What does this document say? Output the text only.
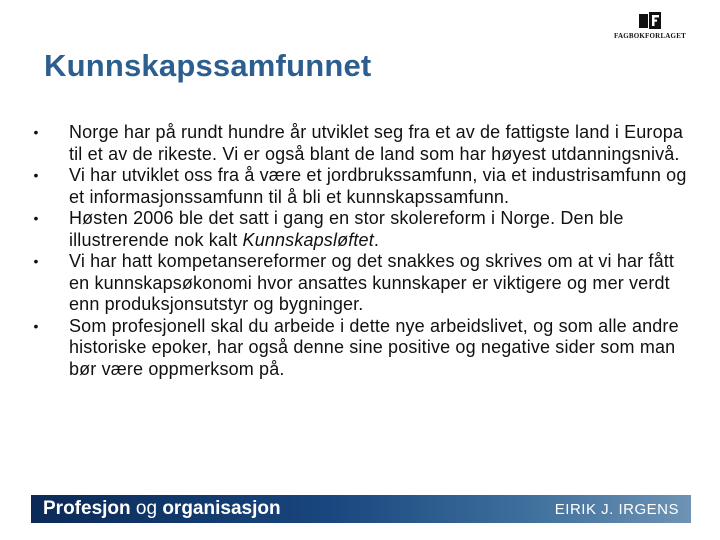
FAGBOKFORLAGET
Kunnskapssamfunnet
•	Norge har på rundt hundre år utviklet seg fra et av de fattigste land i Europa til et av de rikeste. Vi er også blant de land som har høyest utdanningsnivå.
•	Vi har utviklet oss fra å være et jordbrukssamfunn, via et industrisamfunn og et informasjonssamfunn til å bli et kunnskapssamfunn.
•	Høsten 2006 ble det satt i gang en stor skolereform i Norge. Den ble illustrerende nok kalt Kunnskapsløftet.
•	Vi har hatt kompetansereformer og det snakkes og skrives om at vi har fått en kunnskapsøkonomi hvor ansattes kunnskaper er viktigere og mer verdt enn produksjonsutstyr og bygninger.
•	Som profesjonell skal du arbeide i dette nye arbeidslivet, og som alle andre historiske epoker, har også denne sine positive og negative sider som man bør være oppmerksom på.
Profesjon og organisasjon	EIRIK J. IRGENS
